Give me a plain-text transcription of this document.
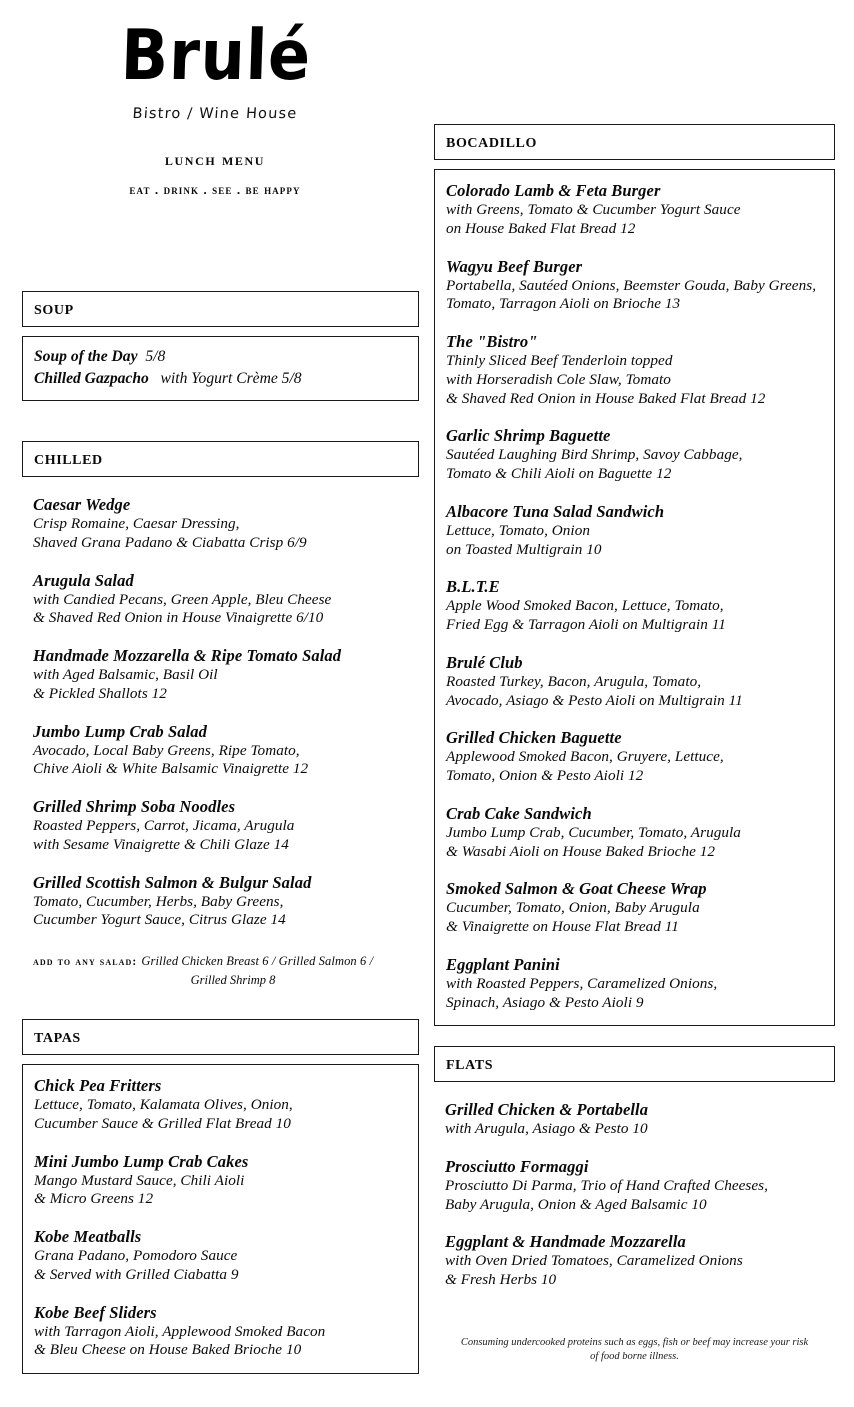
Brulé
Bistro / Wine House
lunch menu
eat . drink . see . be happy
soup
Soup of the Day 5/8
Chilled Gazpacho with Yogurt Crème 5/8
chilled
Caesar Wedge
Crisp Romaine, Caesar Dressing,
Shaved Grana Padano & Ciabatta Crisp 6/9
Arugula Salad
with Candied Pecans, Green Apple, Bleu Cheese
& Shaved Red Onion in House Vinaigrette 6/10
Handmade Mozzarella & Ripe Tomato Salad
with Aged Balsamic, Basil Oil
& Pickled Shallots 12
Jumbo Lump Crab Salad
Avocado, Local Baby Greens, Ripe Tomato,
Chive Aioli & White Balsamic Vinaigrette 12
Grilled Shrimp Soba Noodles
Roasted Peppers, Carrot, Jicama, Arugula
with Sesame Vinaigrette & Chili Glaze 14
Grilled Scottish Salmon & Bulgur Salad
Tomato, Cucumber, Herbs, Baby Greens,
Cucumber Yogurt Sauce, Citrus Glaze 14
add to any salad: Grilled Chicken Breast 6 / Grilled Salmon 6 /
Grilled Shrimp 8
tapas
Chick Pea Fritters
Lettuce, Tomato, Kalamata Olives, Onion,
Cucumber Sauce & Grilled Flat Bread 10
Mini Jumbo Lump Crab Cakes
Mango Mustard Sauce, Chili Aioli
& Micro Greens 12
Kobe Meatballs
Grana Padano, Pomodoro Sauce
& Served with Grilled Ciabatta 9
Kobe Beef Sliders
with Tarragon Aioli, Applewood Smoked Bacon
& Bleu Cheese on House Baked Brioche 10
bocadillo
Colorado Lamb & Feta Burger
with Greens, Tomato & Cucumber Yogurt Sauce
on House Baked Flat Bread 12
Wagyu Beef Burger
Portabella, Sautéed Onions, Beemster Gouda, Baby Greens,
Tomato, Tarragon Aioli on Brioche 13
The "Bistro"
Thinly Sliced Beef Tenderloin topped
with Horseradish Cole Slaw, Tomato
& Shaved Red Onion in House Baked Flat Bread 12
Garlic Shrimp Baguette
Sautéed Laughing Bird Shrimp, Savoy Cabbage,
Tomato & Chili Aioli on Baguette 12
Albacore Tuna Salad Sandwich
Lettuce, Tomato, Onion
on Toasted Multigrain 10
B.L.T.E
Apple Wood Smoked Bacon, Lettuce, Tomato,
Fried Egg & Tarragon Aioli on Multigrain 11
Brulé Club
Roasted Turkey, Bacon, Arugula, Tomato,
Avocado, Asiago & Pesto Aioli on Multigrain 11
Grilled Chicken Baguette
Applewood Smoked Bacon, Gruyere, Lettuce,
Tomato, Onion & Pesto Aioli 12
Crab Cake Sandwich
Jumbo Lump Crab, Cucumber, Tomato, Arugula
& Wasabi Aioli on House Baked Brioche 12
Smoked Salmon & Goat Cheese Wrap
Cucumber, Tomato, Onion, Baby Arugula
& Vinaigrette on House Flat Bread 11
Eggplant Panini
with Roasted Peppers, Caramelized Onions,
Spinach, Asiago & Pesto Aioli 9
flats
Grilled Chicken & Portabella
with Arugula, Asiago & Pesto 10
Prosciutto Formaggi
Prosciutto Di Parma, Trio of Hand Crafted Cheeses,
Baby Arugula, Onion & Aged Balsamic 10
Eggplant & Handmade Mozzarella
with Oven Dried Tomatoes, Caramelized Onions
& Fresh Herbs 10
Consuming undercooked proteins such as eggs, fish or beef may increase your risk
of food borne illness.
